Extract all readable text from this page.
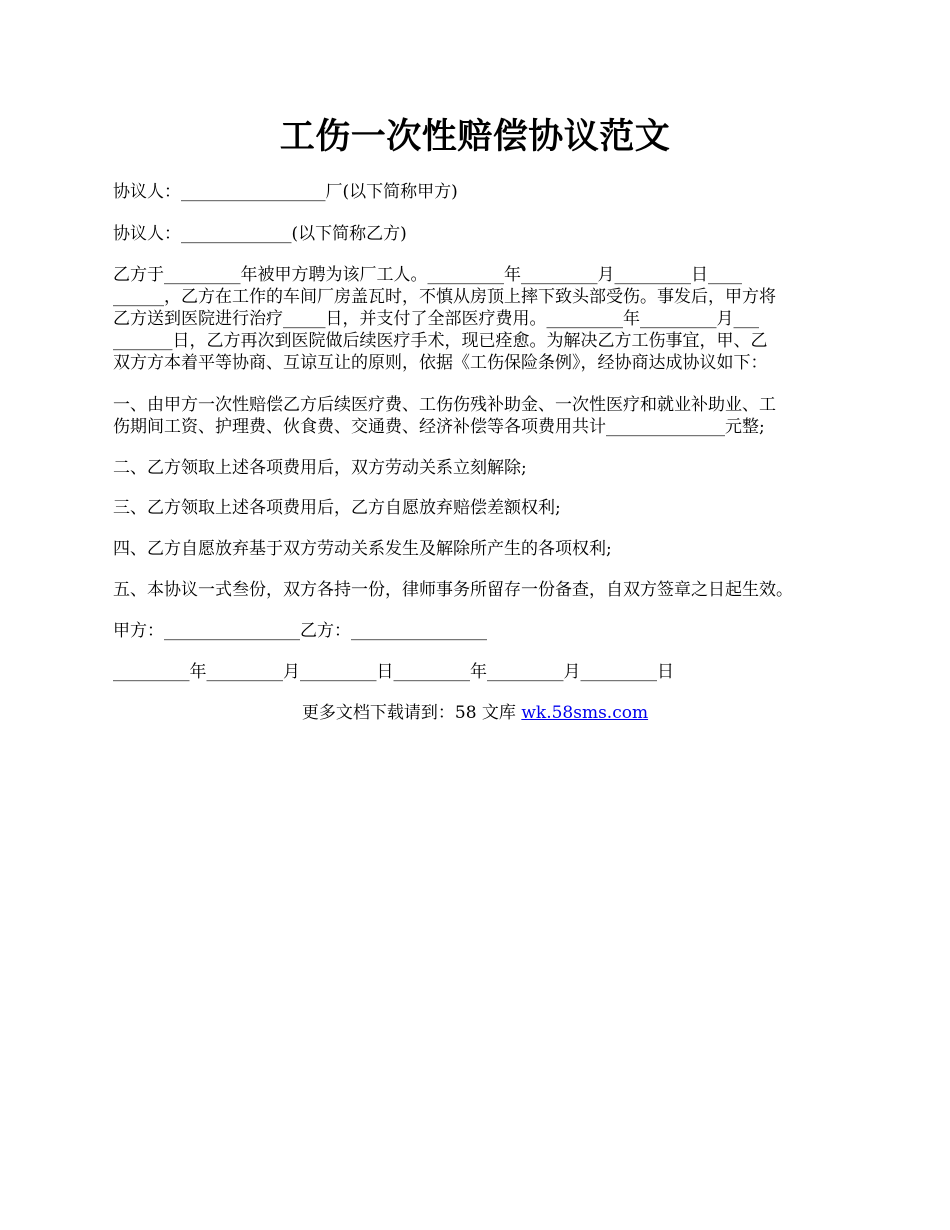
工伤一次性赔偿协议范文

协议人：_________________厂(以下简称甲方)

协议人：_____________(以下简称乙方)

乙方于_________年被甲方聘为该厂工人。_________年_________月_________日____
______，乙方在工作的车间厂房盖瓦时，不慎从房顶上摔下致头部受伤。事发后，甲方将
乙方送到医院进行治疗_____日，并支付了全部医疗费用。_________年_________月___
_______日，乙方再次到医院做后续医疗手术，现已痊愈。为解决乙方工伤事宜，甲、乙
双方方本着平等协商、互谅互让的原则，依据《工伤保险条例》，经协商达成协议如下：
一、由甲方一次性赔偿乙方后续医疗费、工伤伤残补助金、一次性医疗和就业补助业、工
伤期间工资、护理费、伙食费、交通费、经济补偿等各项费用共计______________元整;

二、乙方领取上述各项费用后，双方劳动关系立刻解除;

三、乙方领取上述各项费用后，乙方自愿放弃赔偿差额权利;

四、乙方自愿放弃基于双方劳动关系发生及解除所产生的各项权利;

五、本协议一式叁份，双方各持一份，律师事务所留存一份备查，自双方签章之日起生效。

甲方：________________乙方：________________

_________年_________月_________日_________年_________月_________日

更多文档下载请到：58 文库 wk.58sms.com
